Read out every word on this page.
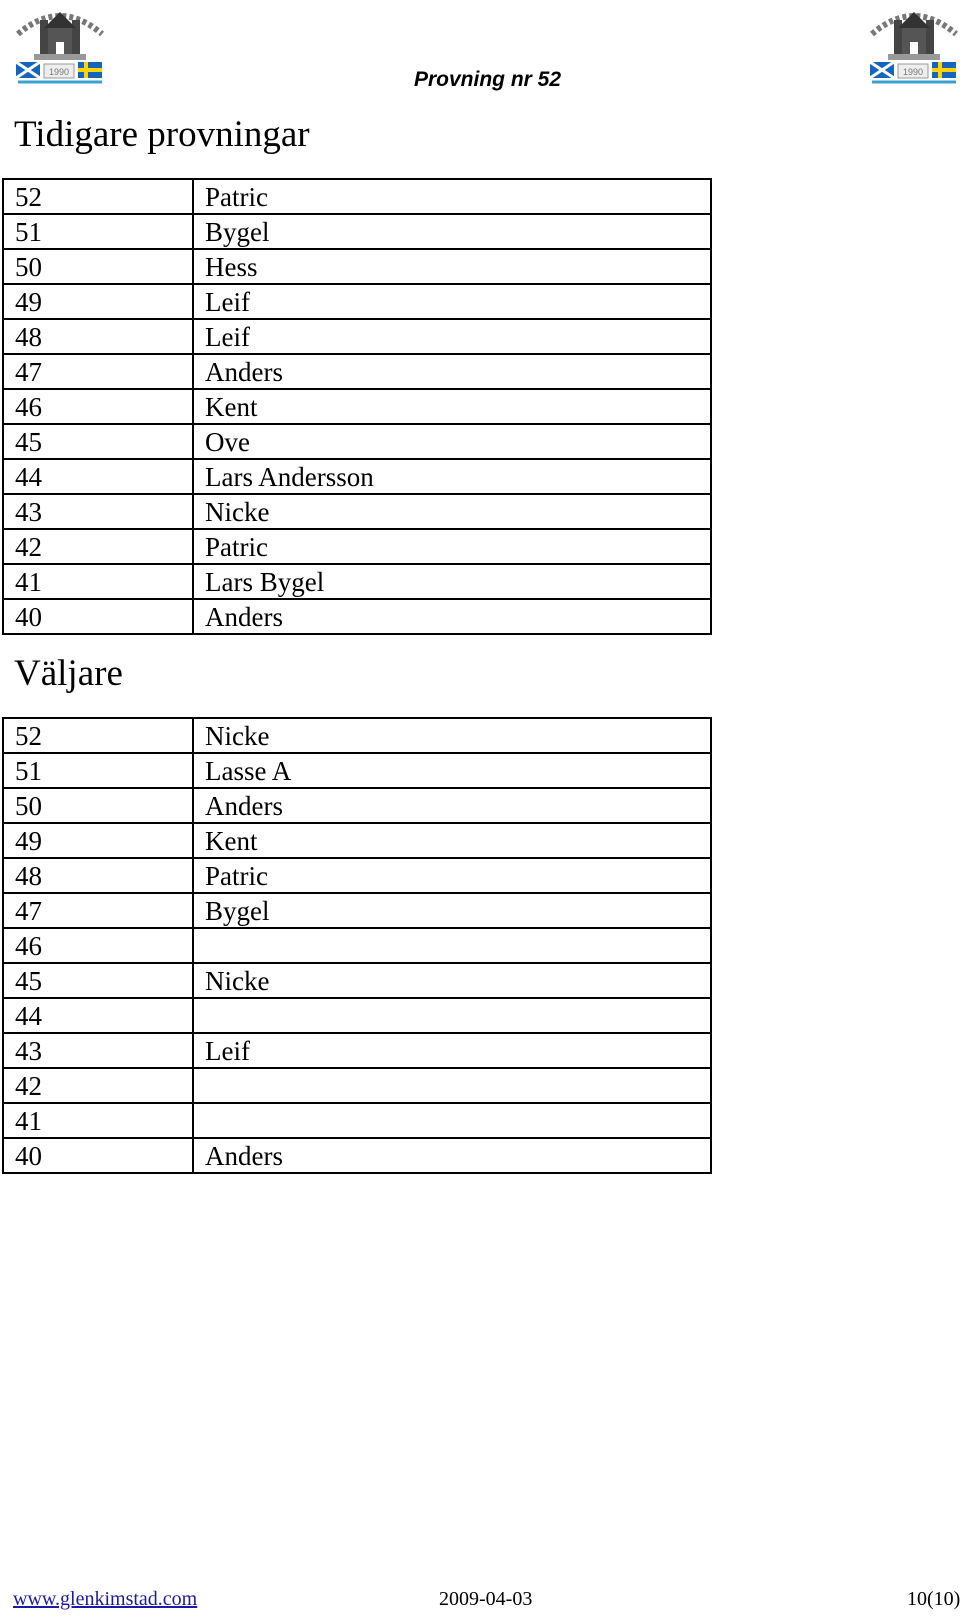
1990	Provning nr 52	1990
Tidigare provningar
52	Patric
51	Bygel
50	Hess
49	Leif
48	Leif
47	Anders
46	Kent
45	Ove
44	Lars Andersson
43	Nicke
42	Patric
41	Lars Bygel
40	Anders
Väljare
52	Nicke
51	Lasse A
50	Anders
49	Kent
48	Patric
47	Bygel
46	
45	Nicke
44	
43	Leif
42	
41	
40	Anders
www.glenkimstad.com	2009-04-03	10(10)
